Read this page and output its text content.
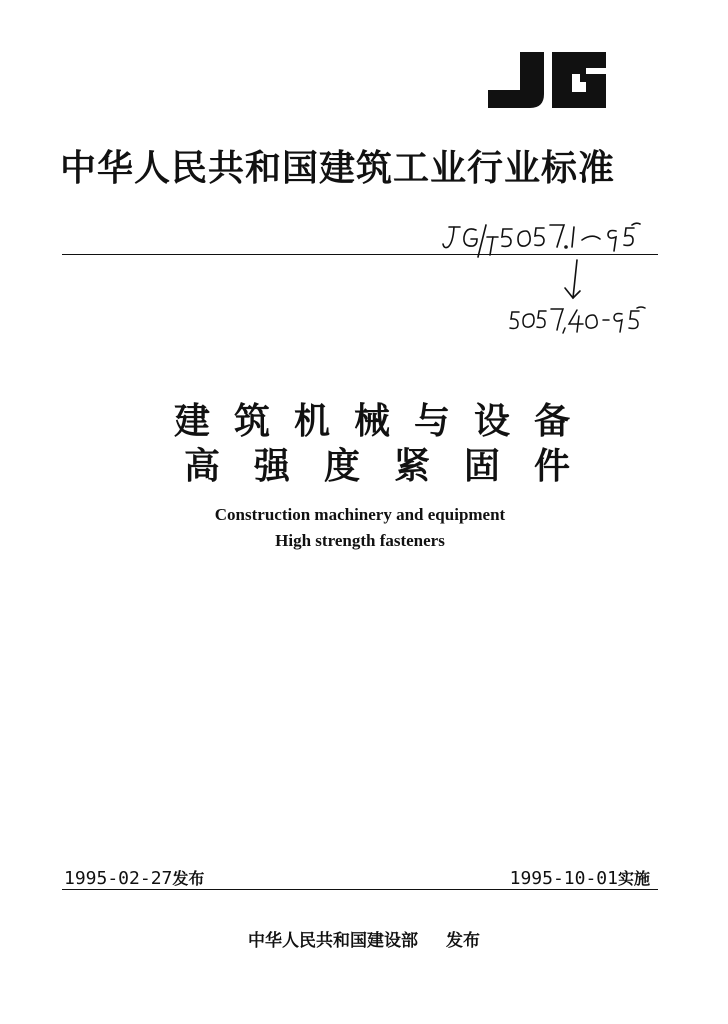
中华人民共和国建筑工业行业标准
建筑机械与设备
高强度紧固件
Construction machinery and equipment
High strength fasteners
1995-02-27发布	1995-10-01实施
中华人民共和国建设部 发布
